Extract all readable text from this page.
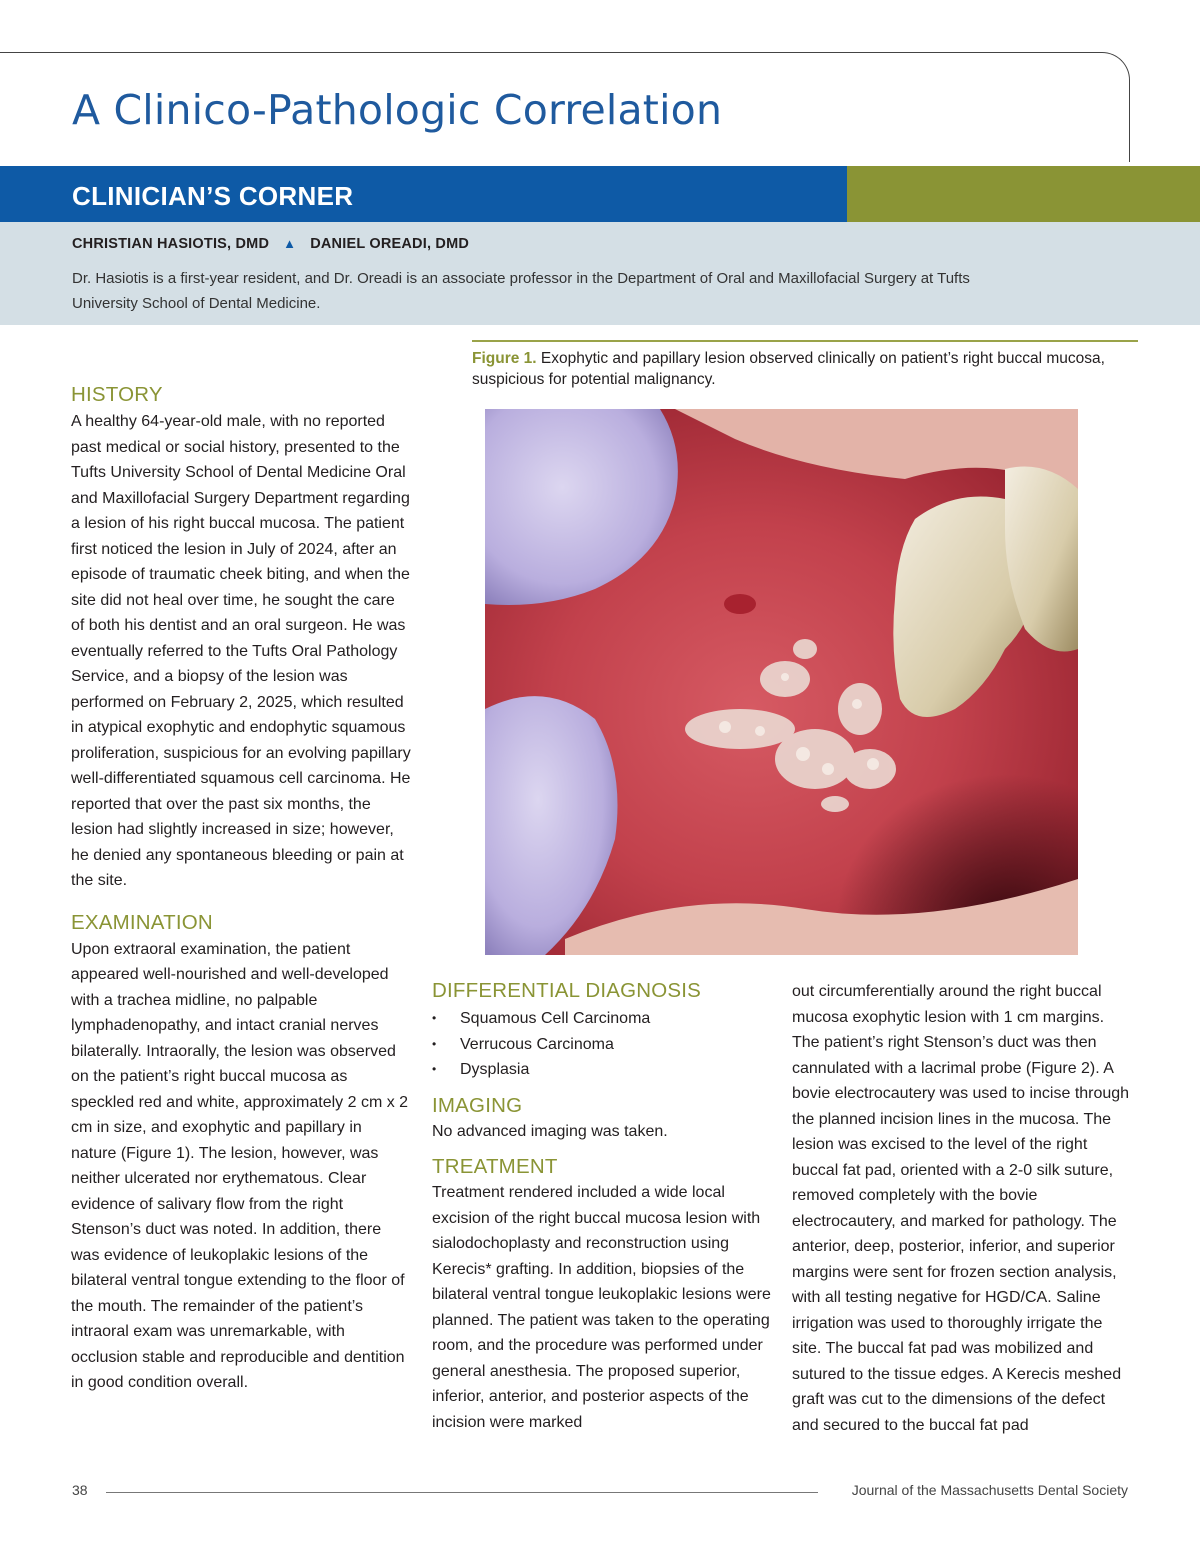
A Clinico-Pathologic Correlation
CLINICIAN’S CORNER
CHRISTIAN HASIOTIS, DMD ▲ DANIEL OREADI, DMD

Dr. Hasiotis is a first-year resident, and Dr. Oreadi is an associate professor in the Department of Oral and Maxillofacial Surgery at Tufts University School of Dental Medicine.

HISTORY

A healthy 64-year-old male, with no reported past medical or social history, presented to the Tufts University School of Dental Medicine Oral and Maxillofacial Surgery Department regarding a lesion of his right buccal mucosa. The patient first noticed the lesion in July of 2024, after an episode of traumatic cheek biting, and when the site did not heal over time, he sought the care of both his dentist and an oral surgeon. He was eventually referred to the Tufts Oral Pathology Service, and a biopsy of the lesion was performed on February 2, 2025, which resulted in atypical exophytic and endophytic squamous proliferation, suspicious for an evolving papillary well-differentiated squamous cell carcinoma. He reported that over the past six months, the lesion had slightly increased in size; however, he denied any spontaneous bleeding or pain at the site.

EXAMINATION

Upon extraoral examination, the patient appeared well-nourished and well-developed with a trachea midline, no palpable lymphadenopathy, and intact cranial nerves bilaterally. Intraorally, the lesion was observed on the patient’s right buccal mucosa as speckled red and white, approximately 2 cm x 2 cm in size, and exophytic and papillary in nature (Figure 1). The lesion, however, was neither ulcerated nor erythematous. Clear evidence of salivary flow from the right Stenson’s duct was noted. In addition, there was evidence of leukoplakic lesions of the bilateral ventral tongue extending to the floor of the mouth. The remainder of the patient’s intraoral exam was unremarkable, with occlusion stable and reproducible and dentition in good condition overall.

Figure 1. Exophytic and papillary lesion observed clinically on patient’s right buccal mucosa, suspicious for potential malignancy.

DIFFERENTIAL DIAGNOSIS
• Squamous Cell Carcinoma
• Verrucous Carcinoma
• Dysplasia
IMAGING

No advanced imaging was taken.

TREATMENT

Treatment rendered included a wide local excision of the right buccal mucosa lesion with sialodochoplasty and reconstruction using Kerecis* grafting. In addition, biopsies of the bilateral ventral tongue leukoplakic lesions were planned. The patient was taken to the operating room, and the procedure was performed under general anesthesia. The proposed superior, inferior, anterior, and posterior aspects of the incision were marked

out circumferentially around the right buccal mucosa exophytic lesion with 1 cm margins. The patient’s right Stenson’s duct was then cannulated with a lacrimal probe (Figure 2). A bovie electrocautery was used to incise through the planned incision lines in the mucosa. The lesion was excised to the level of the right buccal fat pad, oriented with a 2-0 silk suture, removed completely with the bovie electrocautery, and marked for pathology. The anterior, deep, posterior, inferior, and superior margins were sent for frozen section analysis, with all testing negative for HGD/CA. Saline irrigation was used to thoroughly irrigate the site. The buccal fat pad was mobilized and sutured to the tissue edges. A Kerecis meshed graft was cut to the dimensions of the defect and secured to the buccal fat pad

38	Journal of the Massachusetts Dental Society
